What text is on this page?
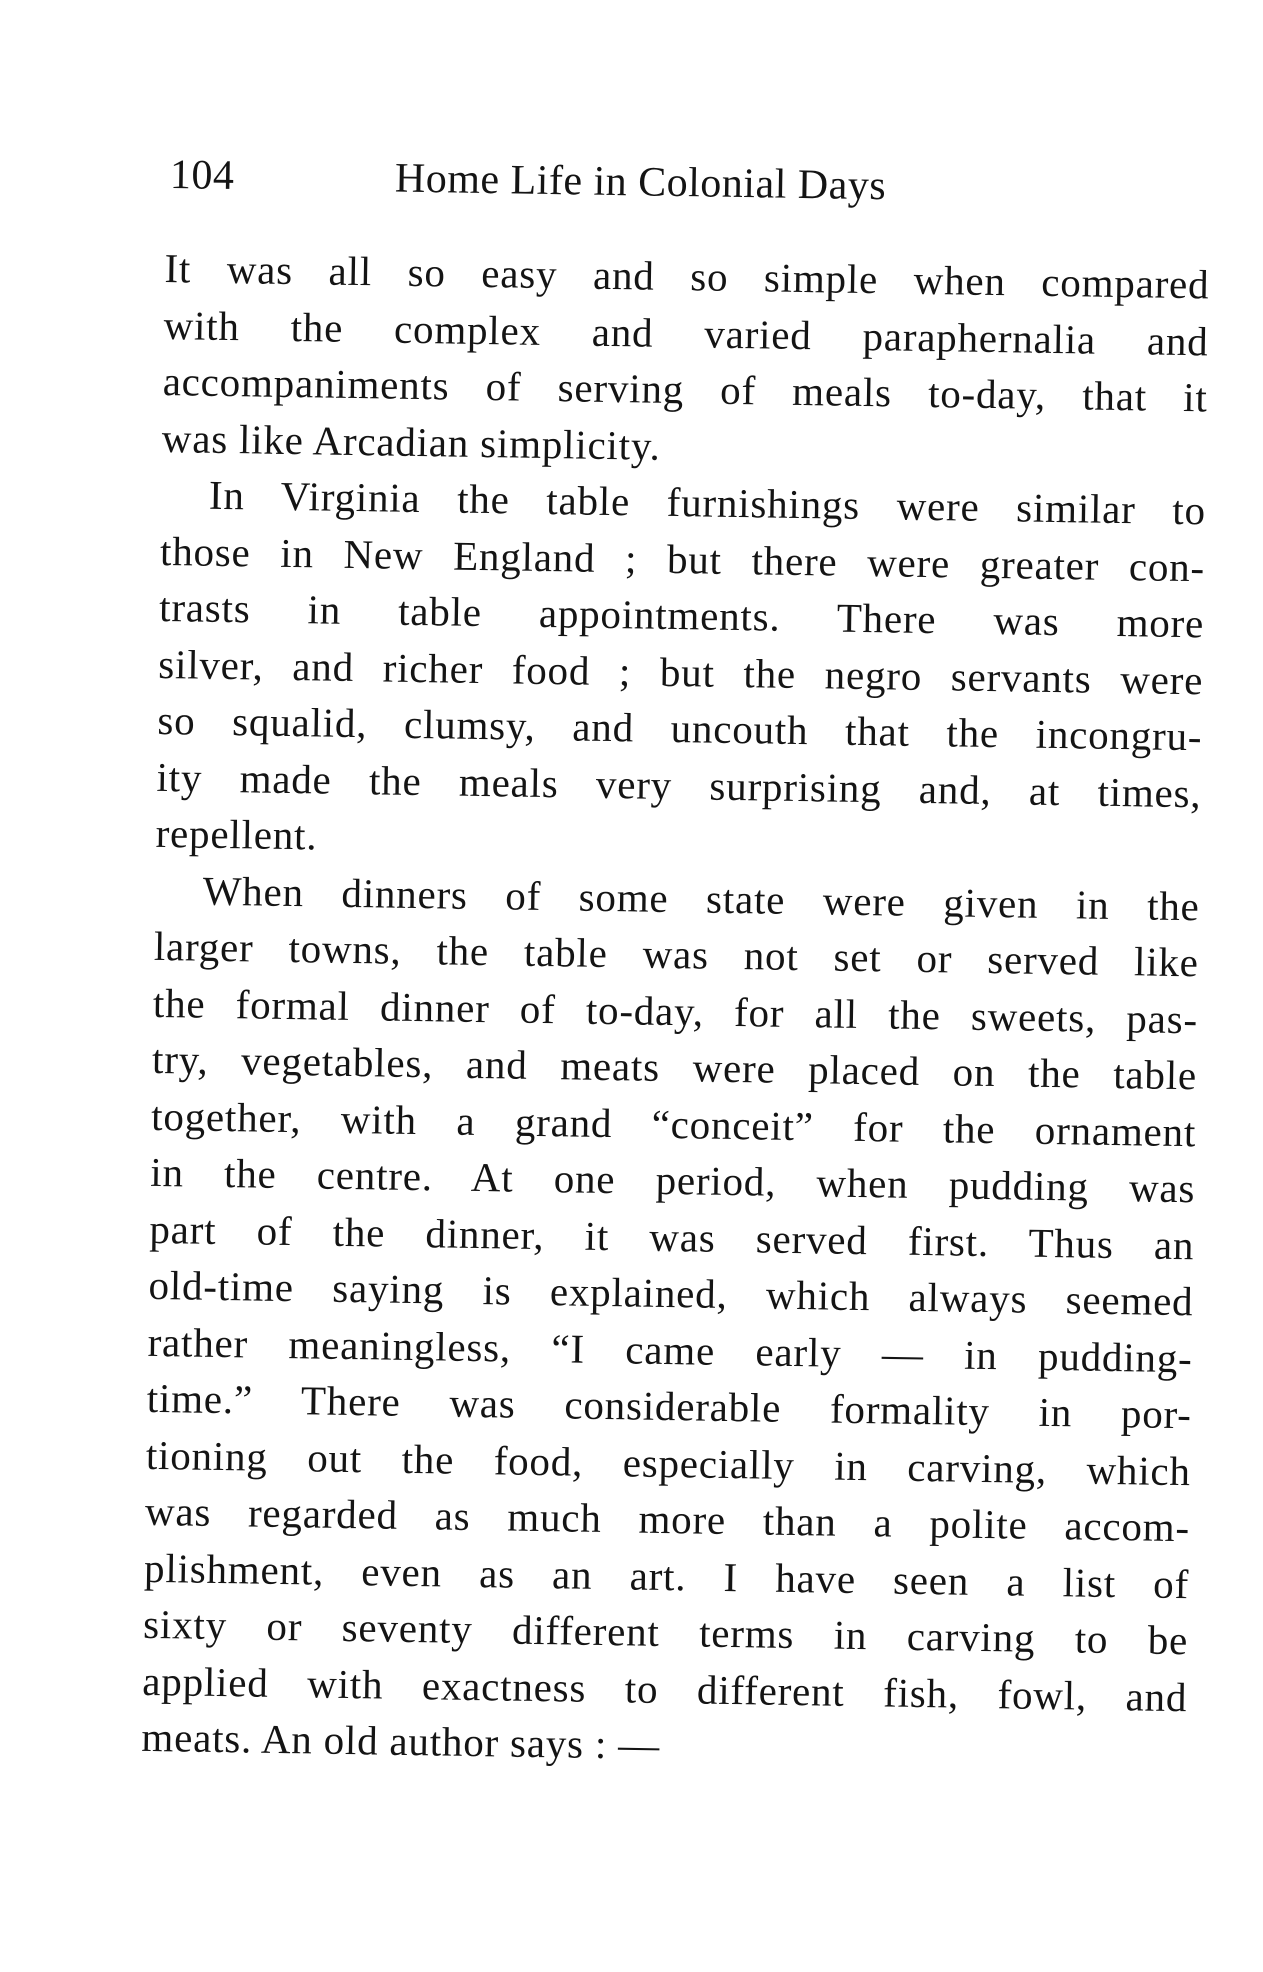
104	Home Life in Colonial Days
It was all so easy and so simple when compared
with the complex and varied paraphernalia and
accompaniments of serving of meals to-day, that it
was like Arcadian simplicity.
In Virginia the table furnishings were similar to
those in New England ; but there were greater con-
trasts in table appointments. There was more
silver, and richer food ; but the negro servants were
so squalid, clumsy, and uncouth that the incongru-
ity made the meals very surprising and, at times,
repellent.
When dinners of some state were given in the
larger towns, the table was not set or served like
the formal dinner of to-day, for all the sweets, pas-
try, vegetables, and meats were placed on the table
together, with a grand “conceit” for the ornament
in the centre. At one period, when pudding was
part of the dinner, it was served first. Thus an
old-time saying is explained, which always seemed
rather meaningless, “I came early — in pudding-
time.” There was considerable formality in por-
tioning out the food, especially in carving, which
was regarded as much more than a polite accom-
plishment, even as an art. I have seen a list of
sixty or seventy different terms in carving to be
applied with exactness to different fish, fowl, and
meats. An old author says : —
